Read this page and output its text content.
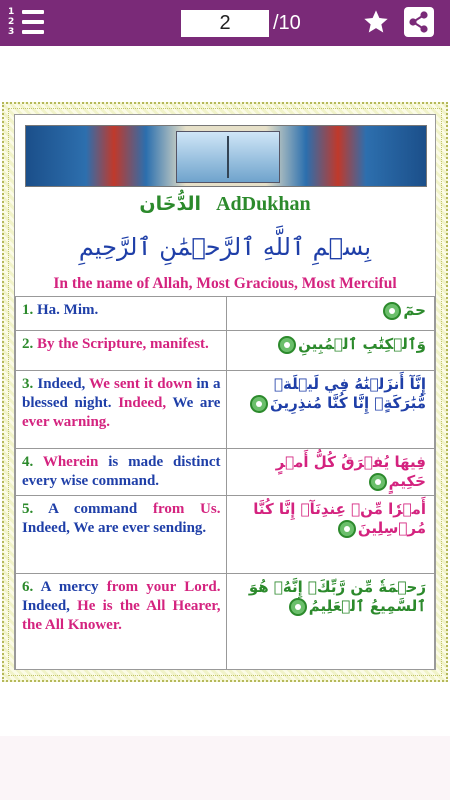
1
2
3	2	/10
الدُّخَان AdDukhan
بِسۡمِ ٱللَّهِ ٱلرَّحۡمَٰنِ ٱلرَّحِيمِ
In the name of Allah, Most Gracious, Most Merciful
1. Ha. Mim.	حمٓ
2. By the Scripture, manifest.	وَٱلۡكِتَٰبِ ٱلۡمُبِينِ
3. Indeed, We sent it down in a blessed night. Indeed, We are ever warning.	إِنَّآ أَنزَلۡنَٰهُ فِي لَيۡلَةٖ مُّبَٰرَكَةٍۚ إِنَّا كُنَّا مُنذِرِينَ
4. Wherein is made distinct every wise command.	فِيهَا يُفۡرَقُ كُلُّ أَمۡرٍ حَكِيمٍ
5. A command from Us. Indeed, We are ever sending.	أَمۡرٗا مِّنۡ عِندِنَآۚ إِنَّا كُنَّا مُرۡسِلِينَ
6. A mercy from your Lord. Indeed, He is the All Hearer, the All Knower.	رَحۡمَةٗ مِّن رَّبِّكَۚ إِنَّهُۥ هُوَ ٱلسَّمِيعُ ٱلۡعَلِيمُ
